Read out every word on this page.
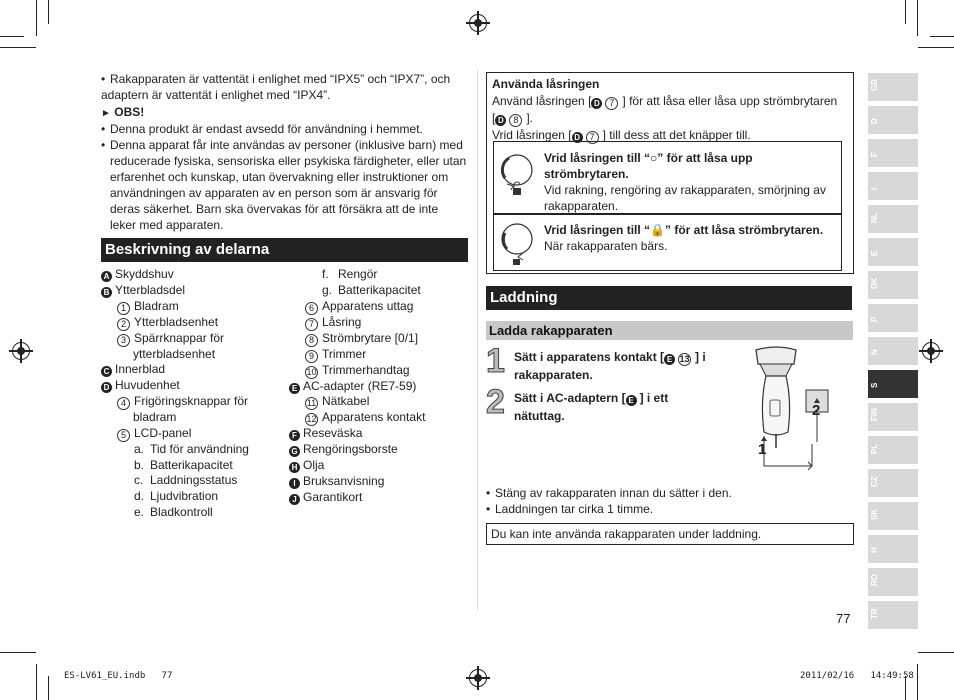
• Rakapparaten är vattentät i enlighet med “IPX5” och “IPX7”, och adaptern är vattentät i enlighet med “IPX4”.
► OBS!
• Denna produkt är endast avsedd för användning i hemmet.
• Denna apparat får inte användas av personer (inklusive barn) med reducerade fysiska, sensoriska eller psykiska färdigheter, eller utan erfarenhet och kunskap, utan övervakning eller instruktioner om användningen av apparaten av en person som är ansvarig för deras säkerhet. Barn ska övervakas för att försäkra att de inte leker med apparaten.
Beskrivning av delarna
A Skyddshuv
B Ytterbladsdel
1 Bladram
2 Ytterbladsenhet
3 Spärrknappar för
ytterbladsenhet
C Innerblad
D Huvudenhet
4 Frigöringsknappar för
bladram
5 LCD-panel
a. Tid för användning
b. Batterikapacitet
c. Laddningsstatus
d. Ljudvibration
e. Bladkontroll
f. Rengör
g. Batterikapacitet
6 Apparatens uttag
7 Låsring
8 Strömbrytare [0/1]
9 Trimmer
10 Trimmerhandtag
E AC-adapter (RE7-59)
11 Nätkabel
12 Apparatens kontakt
F Reseväska
G Rengöringsborste
H Olja
I Bruksanvisning
J Garantikort
Använda låsringen
Använd låsringen [ D 7 ] för att låsa eller låsa upp strömbrytaren
[ D 8 ].
Vrid låsringen [ D 7 ] till dess att det knäpper till.
Vrid låsringen till “○” för att låsa upp
strömbrytaren.
Vid rakning, rengöring av rakapparaten, smörjning av rakapparaten.
Vrid låsringen till “🔒” för att låsa strömbrytaren.
När rakapparaten bärs.
Laddning
Ladda rakapparaten
1 Sätt i apparatens kontakt [ E 13 ] i
rakapparaten.
2 Sätt i AC-adaptern [ E ] i ett
nätuttag.	2
1
• Stäng av rakapparaten innan du sätter i den.
• Laddningen tar cirka 1 timme.
Du kan inte använda rakapparaten under laddning.
77
GB
D
F
I
NL
E
DK
P
N
S
FIN
PL
CZ
SK
H
RO
TR
ES-LV61_EU.indb 77	2011/02/16 14:49:58
